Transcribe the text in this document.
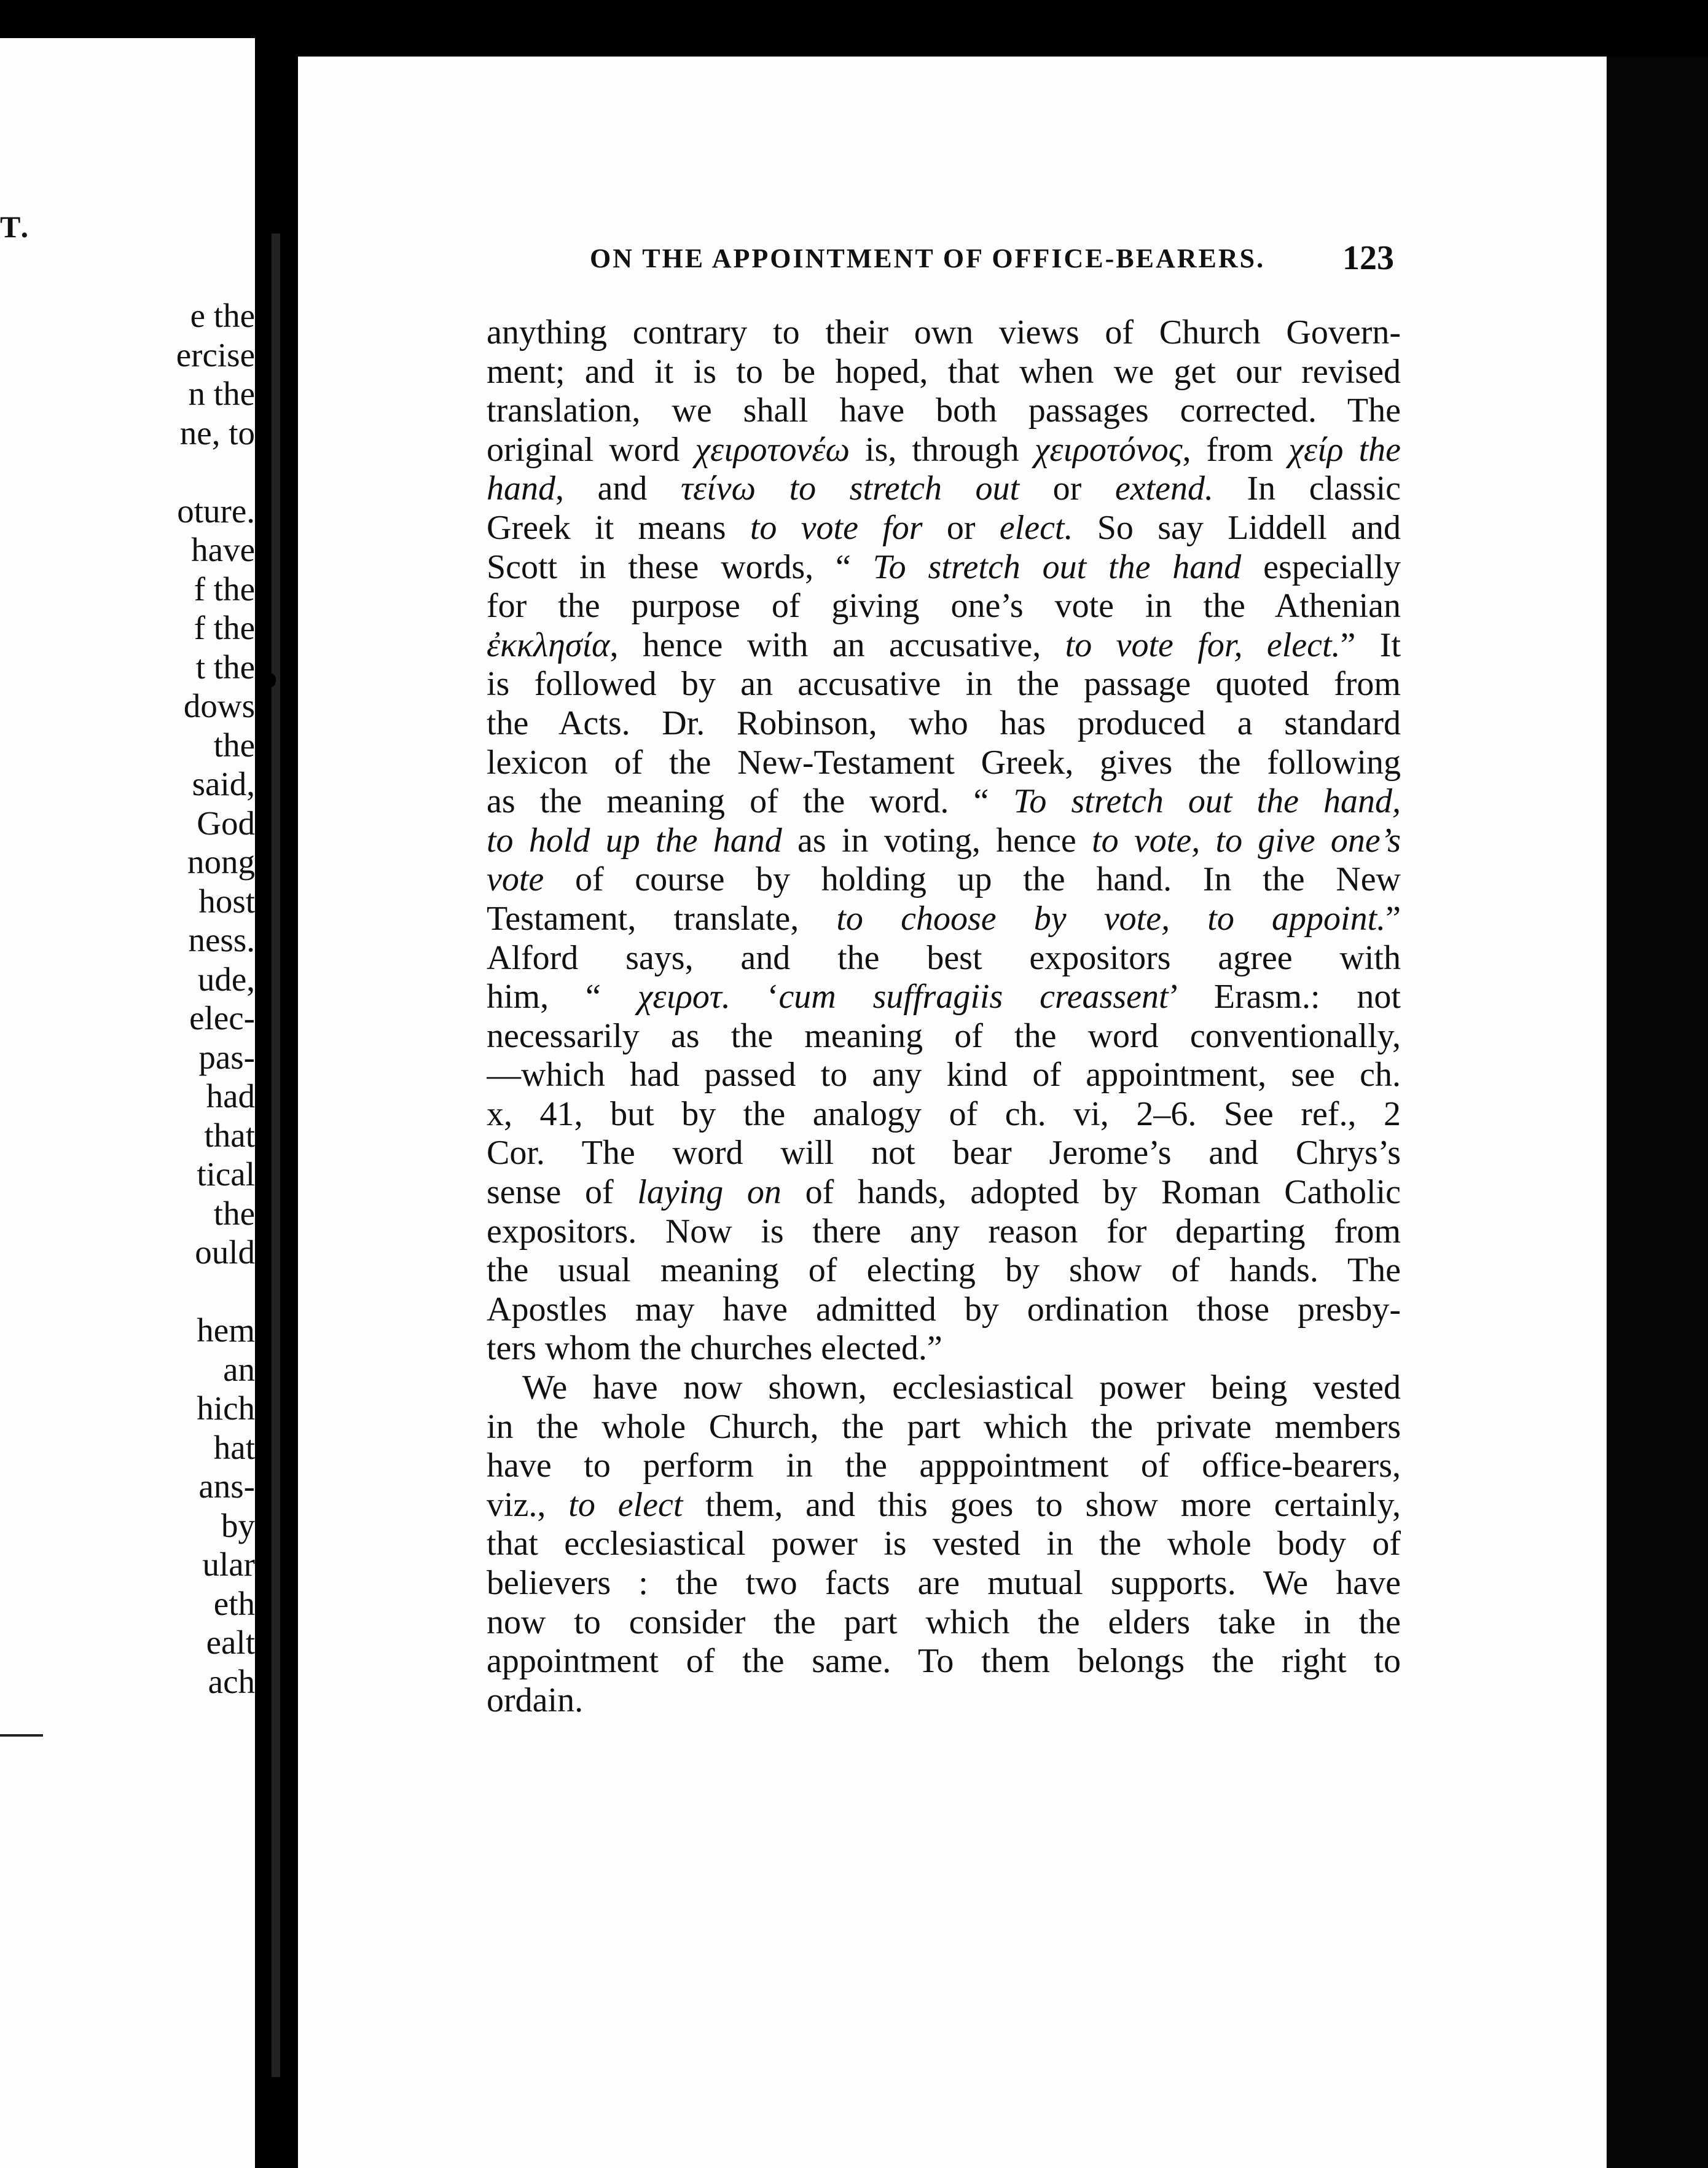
T.
e the
ercise
n the
ne, to
oture.
have
f the
f the
t the
dows
the
said,
God
nong
host
ness.
ude,
elec-
pas-
had
that
tical
the
ould
hem
an
hich
hat
ans-
by
ular
eth
ealt
ach
ON THE APPOINTMENT OF OFFICE-BEARERS.	123
anything contrary to their own views of Church Govern-
ment; and it is to be hoped, that when we get our revised
translation, we shall have both passages corrected. The
original word χειροτονέω is, through χειροτόνος, from χείρ the
hand, and τείνω to stretch out or extend. In classic
Greek it means to vote for or elect. So say Liddell and
Scott in these words, “ To stretch out the hand especially
for the purpose of giving one’s vote in the Athenian
ἐκκλησία, hence with an accusative, to vote for, elect.” It
is followed by an accusative in the passage quoted from
the Acts. Dr. Robinson, who has produced a standard
lexicon of the New-Testament Greek, gives the following
as the meaning of the word. “ To stretch out the hand,
to hold up the hand as in voting, hence to vote, to give one’s
vote of course by holding up the hand. In the New
Testament, translate, to choose by vote, to appoint.”
Alford says, and the best expositors agree with
him, “ χειροτ. ‘cum suffragiis creassent’ Erasm.: not
necessarily as the meaning of the word conventionally,
—which had passed to any kind of appointment, see ch.
x, 41, but by the analogy of ch. vi, 2–6. See ref., 2
Cor. The word will not bear Jerome’s and Chrys’s
sense of laying on of hands, adopted by Roman Catholic
expositors. Now is there any reason for departing from
the usual meaning of electing by show of hands. The
Apostles may have admitted by ordination those presby-
ters whom the churches elected.”
We have now shown, ecclesiastical power being vested
in the whole Church, the part which the private members
have to perform in the apppointment of office-bearers,
viz., to elect them, and this goes to show more certainly,
that ecclesiastical power is vested in the whole body of
believers : the two facts are mutual supports. We have
now to consider the part which the elders take in the
appointment of the same. To them belongs the right to
ordain.
